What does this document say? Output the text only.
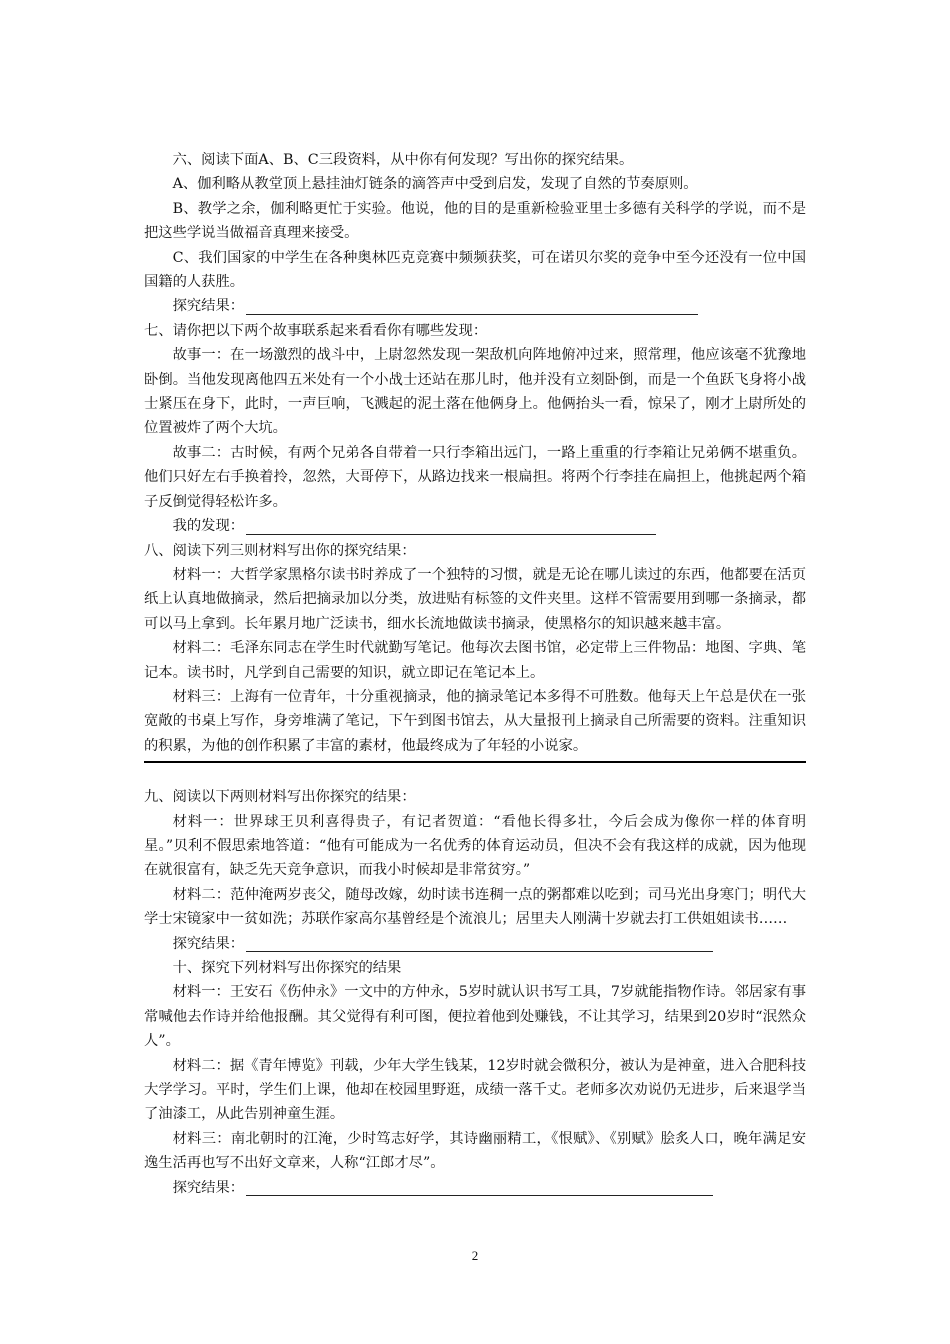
六、阅读下面A、B、C三段资料，从中你有何发现？写出你的探究结果。

A、伽利略从教堂顶上悬挂油灯链条的滴答声中受到启发，发现了自然的节奏原则。

B、教学之余，伽利略更忙于实验。他说，他的目的是重新检验亚里士多德有关科学的学说，而不是把这些学说当做福音真理来接受。

C、我们国家的中学生在各种奥林匹克竞赛中频频获奖，可在诺贝尔奖的竞争中至今还没有一位中国国籍的人获胜。

探究结果：

七、请你把以下两个故事联系起来看看你有哪些发现：

故事一：在一场激烈的战斗中，上尉忽然发现一架敌机向阵地俯冲过来，照常理，他应该毫不犹豫地卧倒。当他发现离他四五米处有一个小战士还站在那儿时，他并没有立刻卧倒，而是一个鱼跃飞身将小战士紧压在身下，此时，一声巨响，飞溅起的泥土落在他俩身上。他俩抬头一看，惊呆了，刚才上尉所处的位置被炸了两个大坑。

故事二：古时候，有两个兄弟各自带着一只行李箱出远门，一路上重重的行李箱让兄弟俩不堪重负。他们只好左右手换着拎，忽然，大哥停下，从路边找来一根扁担。将两个行李挂在扁担上，他挑起两个箱子反倒觉得轻松许多。

我的发现：

八、阅读下列三则材料写出你的探究结果：

材料一：大哲学家黑格尔读书时养成了一个独特的习惯，就是无论在哪儿读过的东西，他都要在活页纸上认真地做摘录，然后把摘录加以分类，放进贴有标签的文件夹里。这样不管需要用到哪一条摘录，都可以马上拿到。长年累月地广泛读书，细水长流地做读书摘录，使黑格尔的知识越来越丰富。

材料二：毛泽东同志在学生时代就勤写笔记。他每次去图书馆，必定带上三件物品：地图、字典、笔记本。读书时，凡学到自己需要的知识，就立即记在笔记本上。

材料三：上海有一位青年，十分重视摘录，他的摘录笔记本多得不可胜数。他每天上午总是伏在一张宽敞的书桌上写作，身旁堆满了笔记，下午到图书馆去，从大量报刊上摘录自己所需要的资料。注重知识的积累，为他的创作积累了丰富的素材，他最终成为了年轻的小说家。

九、阅读以下两则材料写出你探究的结果：

材料一：世界球王贝利喜得贵子，有记者贺道：“看他长得多壮，今后会成为像你一样的体育明星。”贝利不假思索地答道：“他有可能成为一名优秀的体育运动员，但决不会有我这样的成就，因为他现在就很富有，缺乏先天竞争意识，而我小时候却是非常贫穷。”

材料二：范仲淹两岁丧父，随母改嫁，幼时读书连稠一点的粥都难以吃到；司马光出身寒门；明代大学士宋镜家中一贫如洗；苏联作家高尔基曾经是个流浪儿；居里夫人刚满十岁就去打工供姐姐读书……

探究结果：

十、探究下列材料写出你探究的结果

材料一：王安石《伤仲永》一文中的方仲永，5岁时就认识书写工具，7岁就能指物作诗。邻居家有事常喊他去作诗并给他报酬。其父觉得有利可图，便拉着他到处赚钱，不让其学习，结果到20岁时“泯然众人”。

材料二：据《青年博览》刊载，少年大学生钱某，12岁时就会微积分，被认为是神童，进入合肥科技大学学习。平时，学生们上课，他却在校园里野逛，成绩一落千丈。老师多次劝说仍无进步，后来退学当了油漆工，从此告别神童生涯。

材料三：南北朝时的江淹，少时笃志好学，其诗幽丽精工，《恨赋》、《别赋》脍炙人口，晚年满足安逸生活再也写不出好文章来，人称“江郎才尽”。

探究结果：
2
